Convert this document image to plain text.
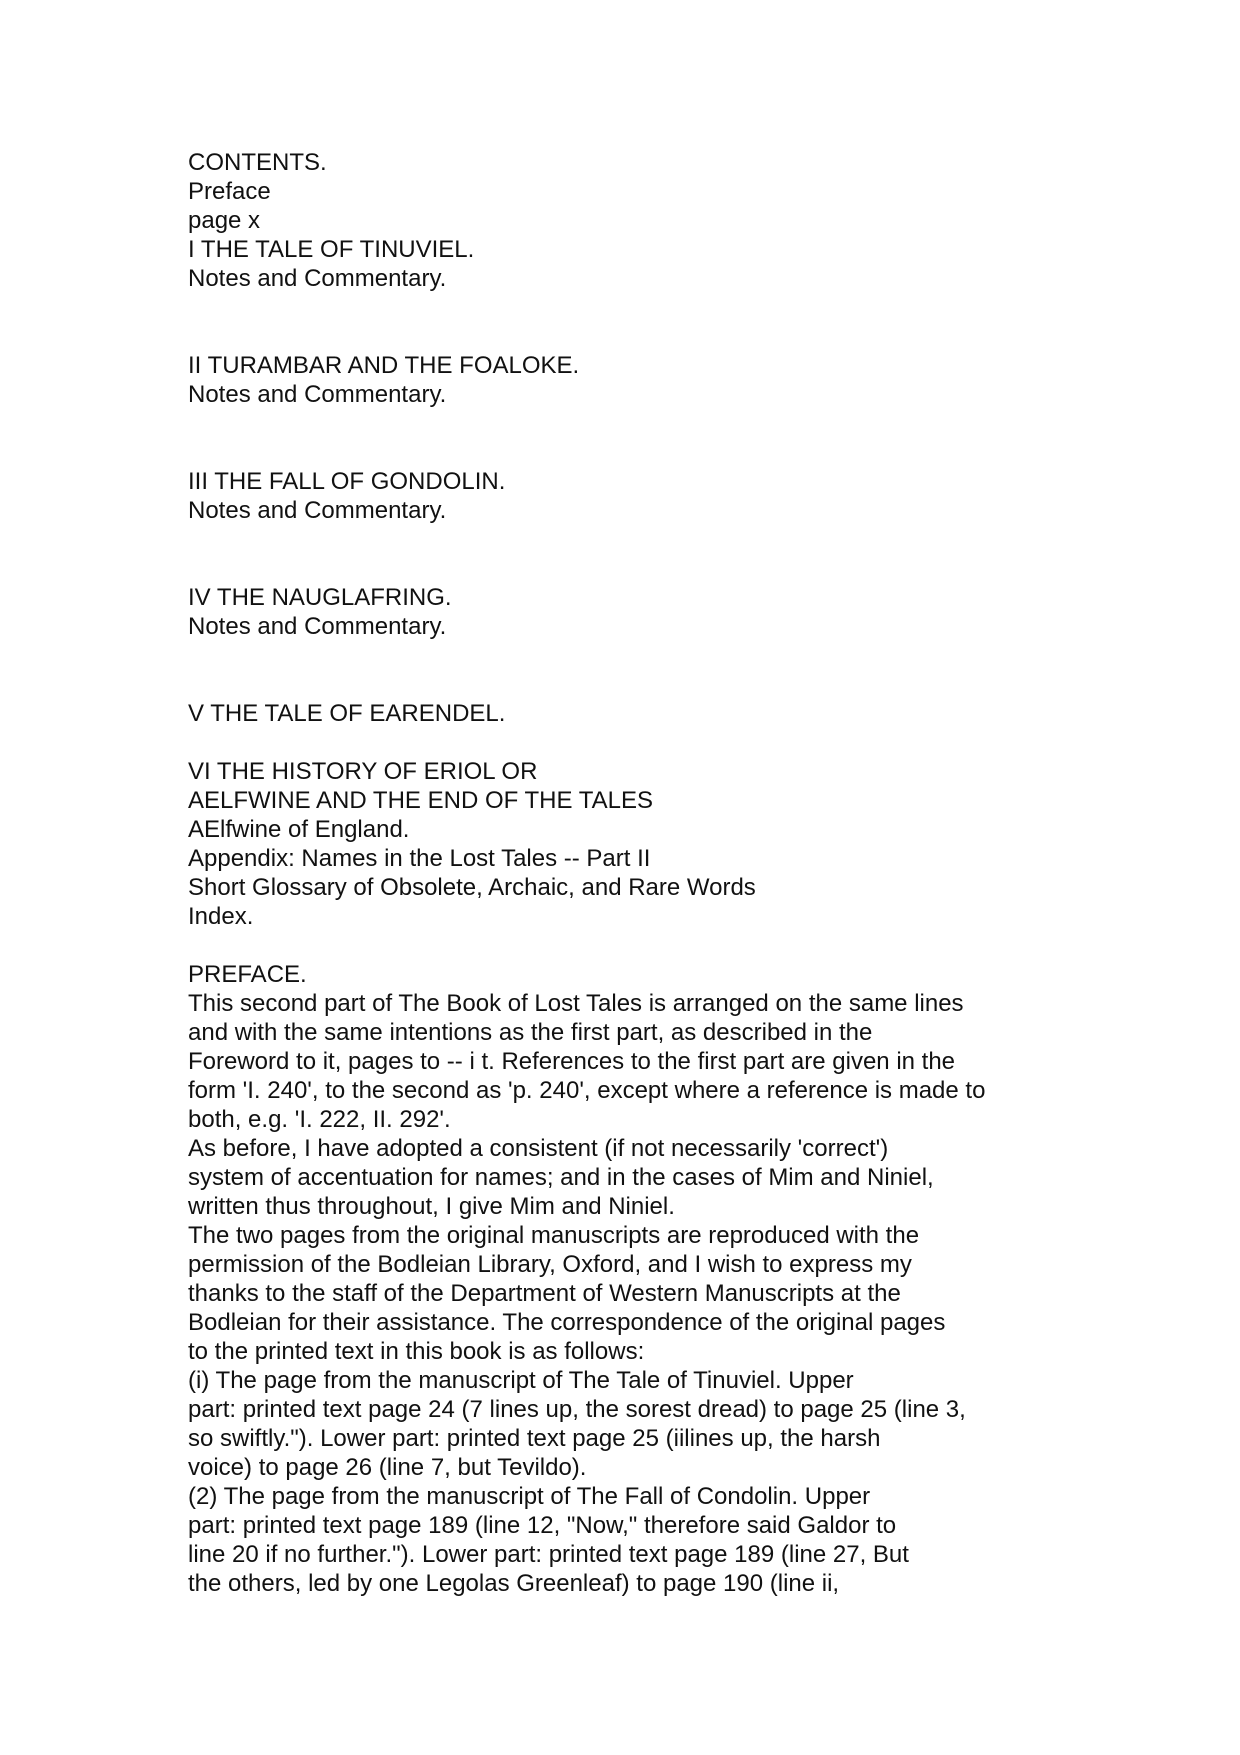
CONTENTS.
Preface
page x
I THE TALE OF TINUVIEL.
Notes and Commentary.
II TURAMBAR AND THE FOALOKE.
Notes and Commentary.
III THE FALL OF GONDOLIN.
Notes and Commentary.
IV THE NAUGLAFRING.
Notes and Commentary.
V THE TALE OF EARENDEL.
VI THE HISTORY OF ERIOL OR
AELFWINE AND THE END OF THE TALES
AElfwine of England.
Appendix: Names in the Lost Tales -- Part II
Short Glossary of Obsolete, Archaic, and Rare Words
Index.
PREFACE.
This second part of The Book of Lost Tales is arranged on the same lines
and with the same intentions as the first part, as described in the
Foreword to it, pages to -- i t. References to the first part are given in the
form 'I. 240', to the second as 'p. 240', except where a reference is made to
both, e.g. 'I. 222, II. 292'.
As before, I have adopted a consistent (if not necessarily 'correct')
system of accentuation for names; and in the cases of Mim and Niniel,
written thus throughout, I give Mim and Niniel.
The two pages from the original manuscripts are reproduced with the
permission of the Bodleian Library, Oxford, and I wish to express my
thanks to the staff of the Department of Western Manuscripts at the
Bodleian for their assistance. The correspondence of the original pages
to the printed text in this book is as follows:
(i) The page from the manuscript of The Tale of Tinuviel. Upper
part: printed text page 24 (7 lines up, the sorest dread) to page 25 (line 3,
so swiftly."). Lower part: printed text page 25 (iilines up, the harsh
voice) to page 26 (line 7, but Tevildo).
(2) The page from the manuscript of The Fall of Condolin. Upper
part: printed text page 189 (line 12, "Now," therefore said Galdor to
line 20 if no further."). Lower part: printed text page 189 (line 27, But
the others, led by one Legolas Greenleaf) to page 190 (line ii,
